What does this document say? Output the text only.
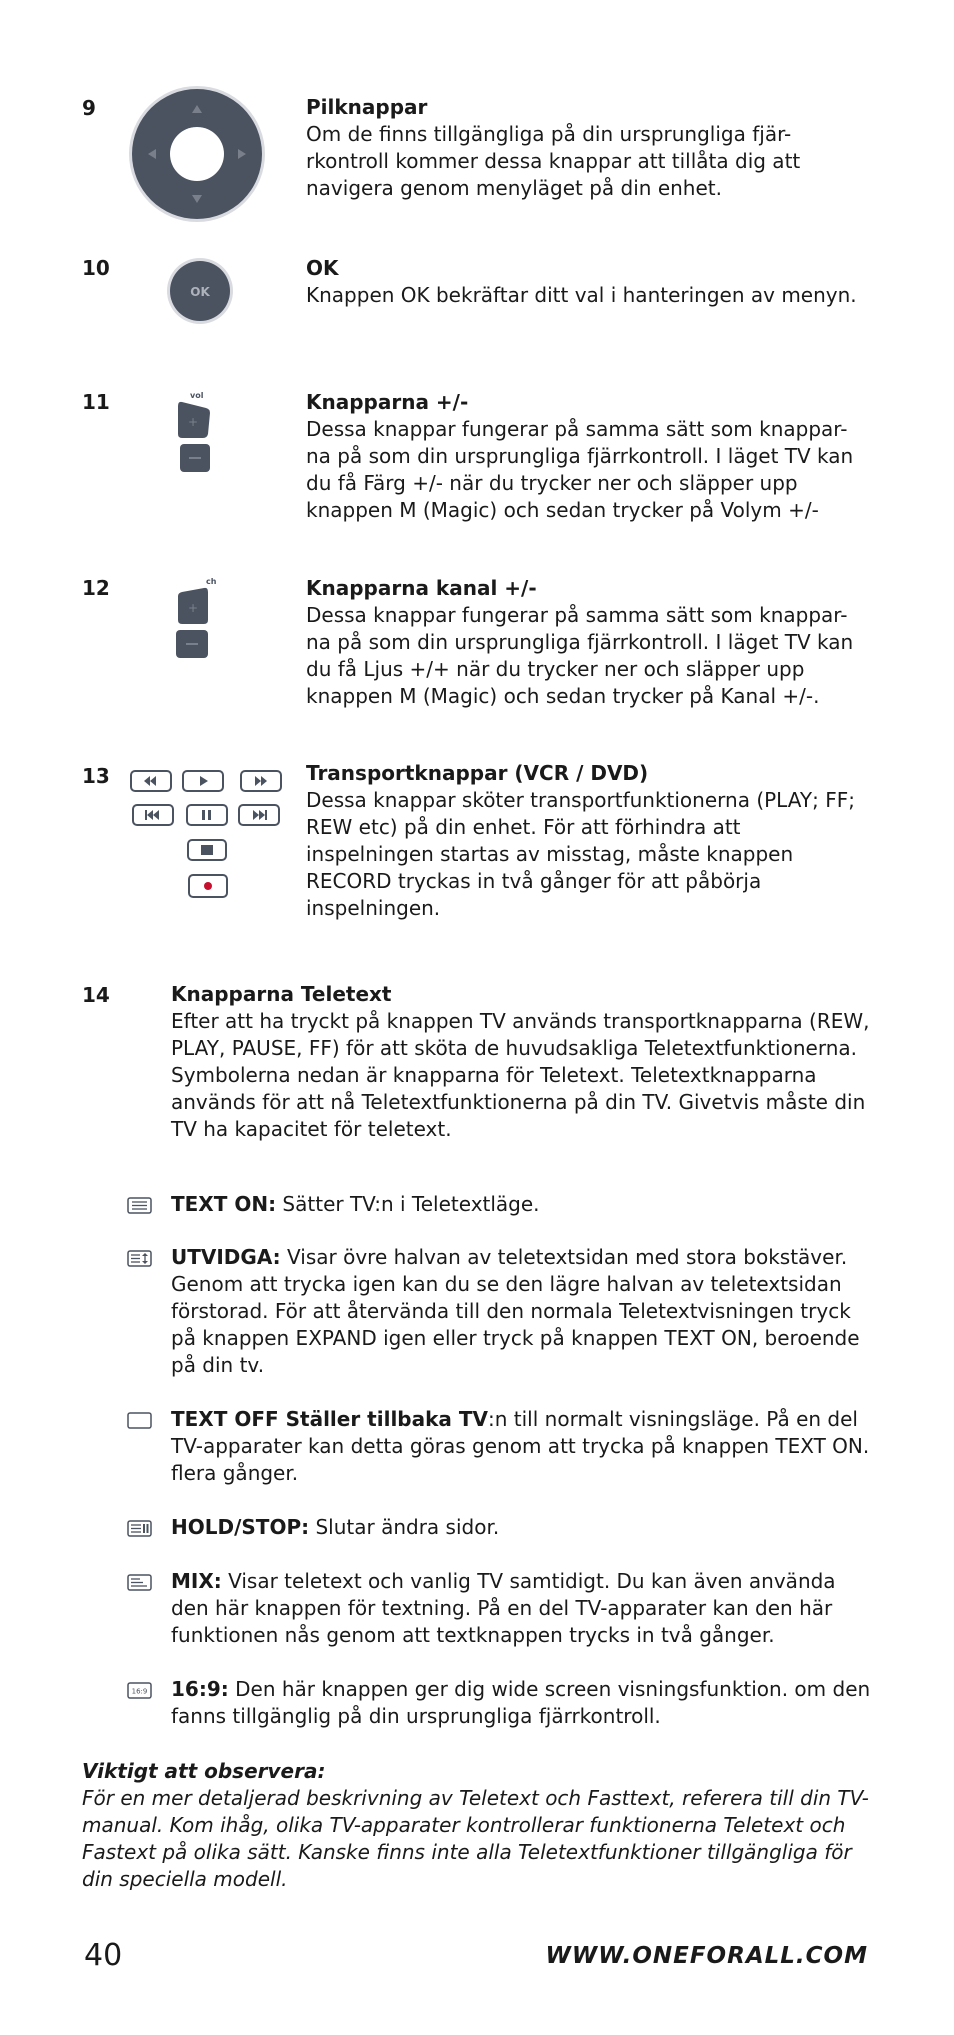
9	Pilknappar
Om de finns tillgängliga på din ursprungliga fjär- rkontroll kommer dessa knappar att tillåta dig att navigera genom menyläget på din enhet.
10
OK
OK
Knappen OK bekräftar ditt val i hanteringen av menyn.
11	vol
+
Knapparna +/-
Dessa knappar fungerar på samma sätt som knappar- na på som din ursprungliga fjärrkontroll. I läget TV kan du få Färg +/- när du trycker ner och släpper upp knappen M (Magic) och sedan trycker på Volym +/-
12	ch
+
Knapparna kanal +/-
Dessa knappar fungerar på samma sätt som knappar- na på som din ursprungliga fjärrkontroll. I läget TV kan du få Ljus +/+ när du trycker ner och släpper upp knappen M (Magic) och sedan trycker på Kanal +/-.
13	Transportknappar (VCR / DVD)
Dessa knappar sköter transportfunktionerna (PLAY; FF; REW etc) på din enhet. För att förhindra att inspelningen startas av misstag, måste knappen RECORD tryckas in två gånger för att påbörja inspelningen.
14	Knapparna Teletext
Efter att ha tryckt på knappen TV används transportknapparna (REW, PLAY, PAUSE, FF) för att sköta de huvudsakliga Teletextfunktionerna. Symbolerna nedan är knapparna för Teletext. Teletextknapparna används för att nå Teletextfunktionerna på din TV. Givetvis måste din TV ha kapacitet för teletext.
TEXT ON: Sätter TV:n i Teletextläge.
UTVIDGA: Visar övre halvan av teletextsidan med stora bokstäver. Genom att trycka igen kan du se den lägre halvan av teletextsidan förstorad. För att återvända till den normala Teletextvisningen tryck på knappen EXPAND igen eller tryck på knappen TEXT ON, beroende på din tv.
TEXT OFF Ställer tillbaka TV:n till normalt visningsläge. På en del TV-apparater kan detta göras genom att trycka på knappen TEXT ON. flera gånger.
HOLD/STOP: Slutar ändra sidor.
MIX: Visar teletext och vanlig TV samtidigt. Du kan även använda den här knappen för textning. På en del TV-apparater kan den här funktionen nås genom att textknappen trycks in två gånger.
16:9 16:9: Den här knappen ger dig wide screen visningsfunktion. om den fanns tillgänglig på din ursprungliga fjärrkontroll.
Viktigt att observera:
För en mer detaljerad beskrivning av Teletext och Fasttext, referera till din TV-manual. Kom ihåg, olika TV-apparater kontrollerar funktionerna Teletext och Fastext på olika sätt. Kanske finns inte alla Teletextfunktioner tillgängliga för din speciella modell.
40	WWW.ONEFORALL.COM
